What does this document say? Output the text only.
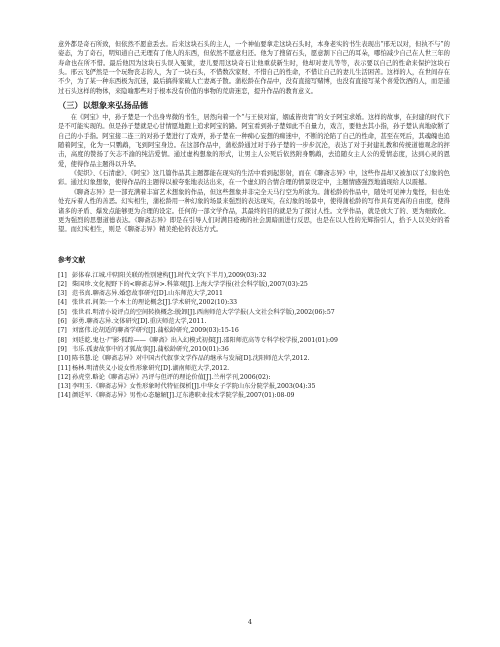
意外都是奇石所致，但依然不愿意丢去。后来这块石头的主人，一个神仙要拿走这块石头时，本身老实的书生表现出“邢无以对，但执不与”的姿态，为了奇石，明知道自己无理有了他人的东西，但依然不愿意归还。他为了搜留石头，愿意割下自己的耳朵，哪怕减少自己在人世三年的寿命也在所不惜。最后他因为这块石头误入冤狱，妻儿要用这块奇石让他重获新生时，他却对妻儿等等，表示要以自己的性命来保护这块石头。邢云飞俨然是一个玩物丧志的人，为了一块石头，不惜数次家财、不惜自己的性命，不惜让自己的妻儿生活困苦。这样的人，在世间存在不少，为了某一种东西极为沉迷，最后搞得家破人亡妻离子散。蒲松龄在作品中，没有直接写赌博，也没有直接写某个喜爱饮酒的人，而是通过石头这样的物体，来隐喻那些对于根本没有价值的事物的荒唐迷恋，提升作品的教育意义。

（三）以想象来弘扬品德

在《阿宝》中，孙子楚是一个出身卑微的书生，居然向着一个“与王侯对富，姻戚皆贵胄”的女子阿宝求婚。这样的故事，在封建的时代下是不可能实现的。但是孙子楚就是心甘情愿地跑上追求阿宝的路。阿宝看到孙子楚如此不自量力，戏言，要他去其小指，孙子楚认真地砍断了自己的小手指。阿宝接二连三的对孙子楚进行了戏弄，孙子楚在一种痴心妄想的痴迷中，不断的沦陷了自己的性命，甚至在死后，其魂魄也追随着阿宝，化为一只鹦鹉，飞到阿宝身边。在这部作品中，蒲松龄通过对于孙子楚的一步步沉沦，表达了对于封建礼教和传统道德观念的抨击，高度的赞扬了矢志不渝的纯洁爱情。通过虚构想象的形式，让男主人公死后依然附身鹦鹉，去追随女主人公的爱情态度，达到心灵的恩爱，使得作品主题得以升华。

《促织》、《石清虚》、《阿宝》这几篇作品其主题都能在现实的生活中看到起影射，而在《聊斋志异》中，这些作品却又被加以了幻象的色彩。通过幻象想象，使得作品的主题得以被夸张地表达出来，在一个虚幻的合情合理的情景设定中，主题情感强烈地涌现给人以震撼。

《聊斋志异》是一部充满着丰富艺术想象的作品，但这些想象并非完全天马行空为所欲为。蒲松龄的作品中，随处可见神力鬼怪，但也处处充斥着人性的善恶。幻实相生，蒲松龄用一种幻象的场景来强烈的表达现实，在幻象的场景中，使得蒲松龄的写作具有更高的自由度，使得诸多的矛盾、爆发点能够更为合理的设定。任何的一部文学作品，其最终的目的就是为了探讨人性。文学作品，就是放大了的、更为细致化、更为强烈的思想道德表达。《聊斋志异》即是在引导人们对满目疮痍的社会黑暗面进行反思，也是在以人性的光辉指引人，拾予人以美好的希望。而幻实相生，则是《聊斋志异》精美绝伦的表达方式。

参考文献
[1] 彭体春.江城.中阴阳关联的性别建构[J].时代文学(下半月),2009(03):32
[2] 柴国珍.文化视野下的<聊斋志异>.科第观[J].上海大学学报(社会科学版),2007(03):25
[3] 范书真.聊斋志异.婚恋故事研究[D].山东师范大学,2011
[4] 张世君.间架:一个本土的理论概念[J].学术研究,2002(10):33
[5] 张世君.明清小说评点的空间转换概念:脱卸[J].西南师范大学学报(人文社会科学版),2002(06):57
[6] 彭勇.聊斋志异.文体研究[D].重庆师范大学,2011.
[7] 刘富伟.论胡适的聊斋学研究[J].蒲松龄研究,2009(03):15-16
[8] 刘廷乾.鬼乜·尸影·狐踪——《聊斋》出入幻模式初探[J].邵阳师范高等专科学校学报,2001(01):09
[9] 韦乐.孤妻故事中的才狐故事[J].蒲松龄研究,2010(01):36
[10]陈书慧.论《聊斋志异》对中国古代叙事文学作品的继承与发展[D].沈阳师范大学,2012.
[11]杨林.明清侠义小说女性形象研究[D].湖南师范大学,2012.
[12]孙虎堂.略论《聊斋志异》冯评与但评的理论价值[J].兰州学刊,2006(02):
[13]李明玉.《聊斋志异》女性形象时代特征探析[J].中华女子学院山东分院学报,2003(04):35
[14]颜廷军.《聊斋志异》男性心态臆解[J].辽东港职业技术学院学报,2007(01):08-09
4
